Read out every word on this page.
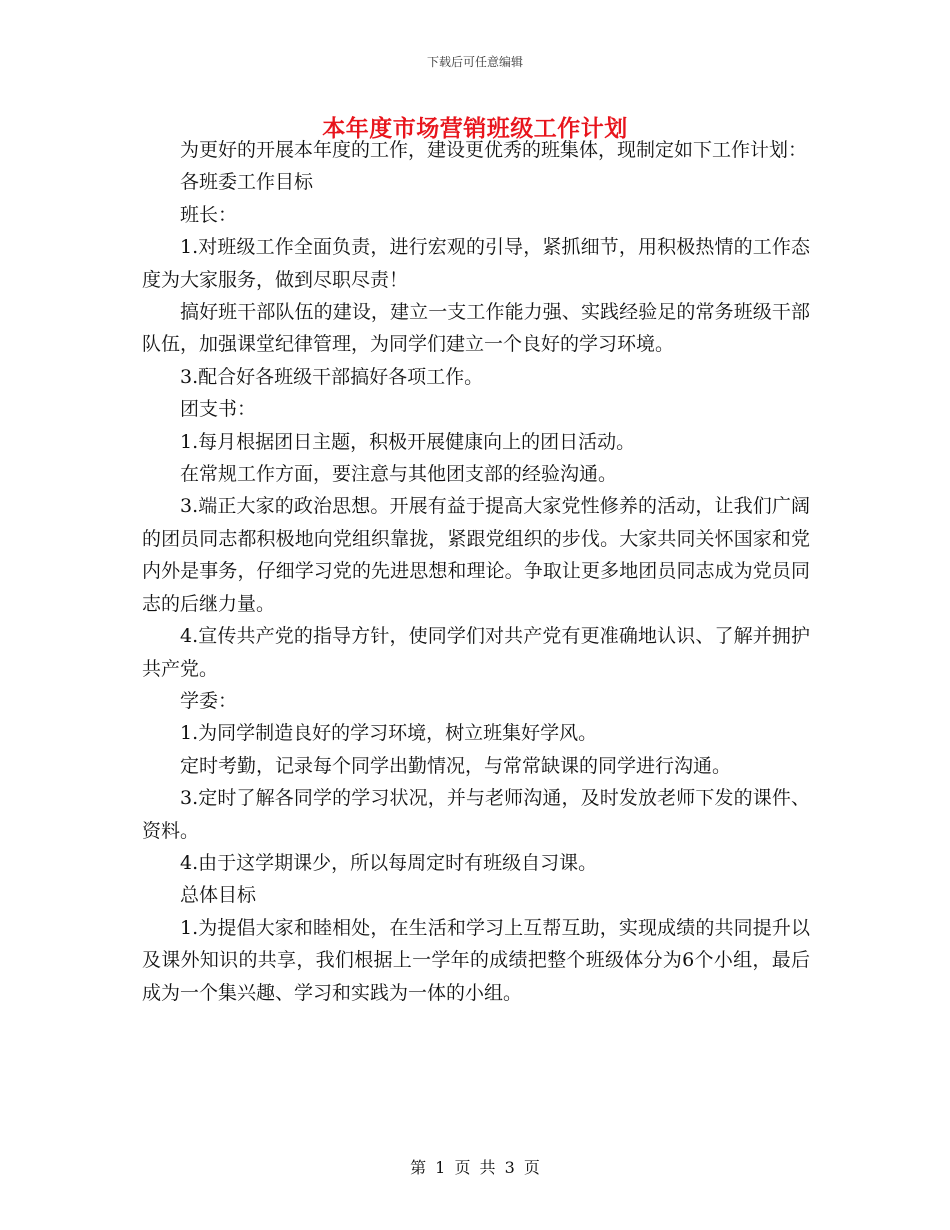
下载后可任意编辑
本年度市场营销班级工作计划

为更好的开展本年度的工作，建设更优秀的班集体，现制定如下工作计划：

各班委工作目标

班长：

1.对班级工作全面负责，进行宏观的引导，紧抓细节，用积极热情的工作态度为大家服务，做到尽职尽责！

搞好班干部队伍的建设，建立一支工作能力强、实践经验足的常务班级干部队伍，加强课堂纪律管理，为同学们建立一个良好的学习环境。

3.配合好各班级干部搞好各项工作。

团支书：

1.每月根据团日主题，积极开展健康向上的团日活动。

在常规工作方面，要注意与其他团支部的经验沟通。

3.端正大家的政治思想。开展有益于提高大家党性修养的活动，让我们广阔的团员同志都积极地向党组织靠拢，紧跟党组织的步伐。大家共同关怀国家和党内外是事务，仔细学习党的先进思想和理论。争取让更多地团员同志成为党员同志的后继力量。

4.宣传共产党的指导方针，使同学们对共产党有更准确地认识、了解并拥护共产党。

学委：

1.为同学制造良好的学习环境，树立班集好学风。

定时考勤，记录每个同学出勤情况，与常常缺课的同学进行沟通。

3.定时了解各同学的学习状况，并与老师沟通，及时发放老师下发的课件、资料。

4.由于这学期课少，所以每周定时有班级自习课。

总体目标

1.为提倡大家和睦相处，在生活和学习上互帮互助，实现成绩的共同提升以及课外知识的共享，我们根据上一学年的成绩把整个班级体分为6个小组，最后成为一个集兴趣、学习和实践为一体的小组。

第 1 页 共 3 页
